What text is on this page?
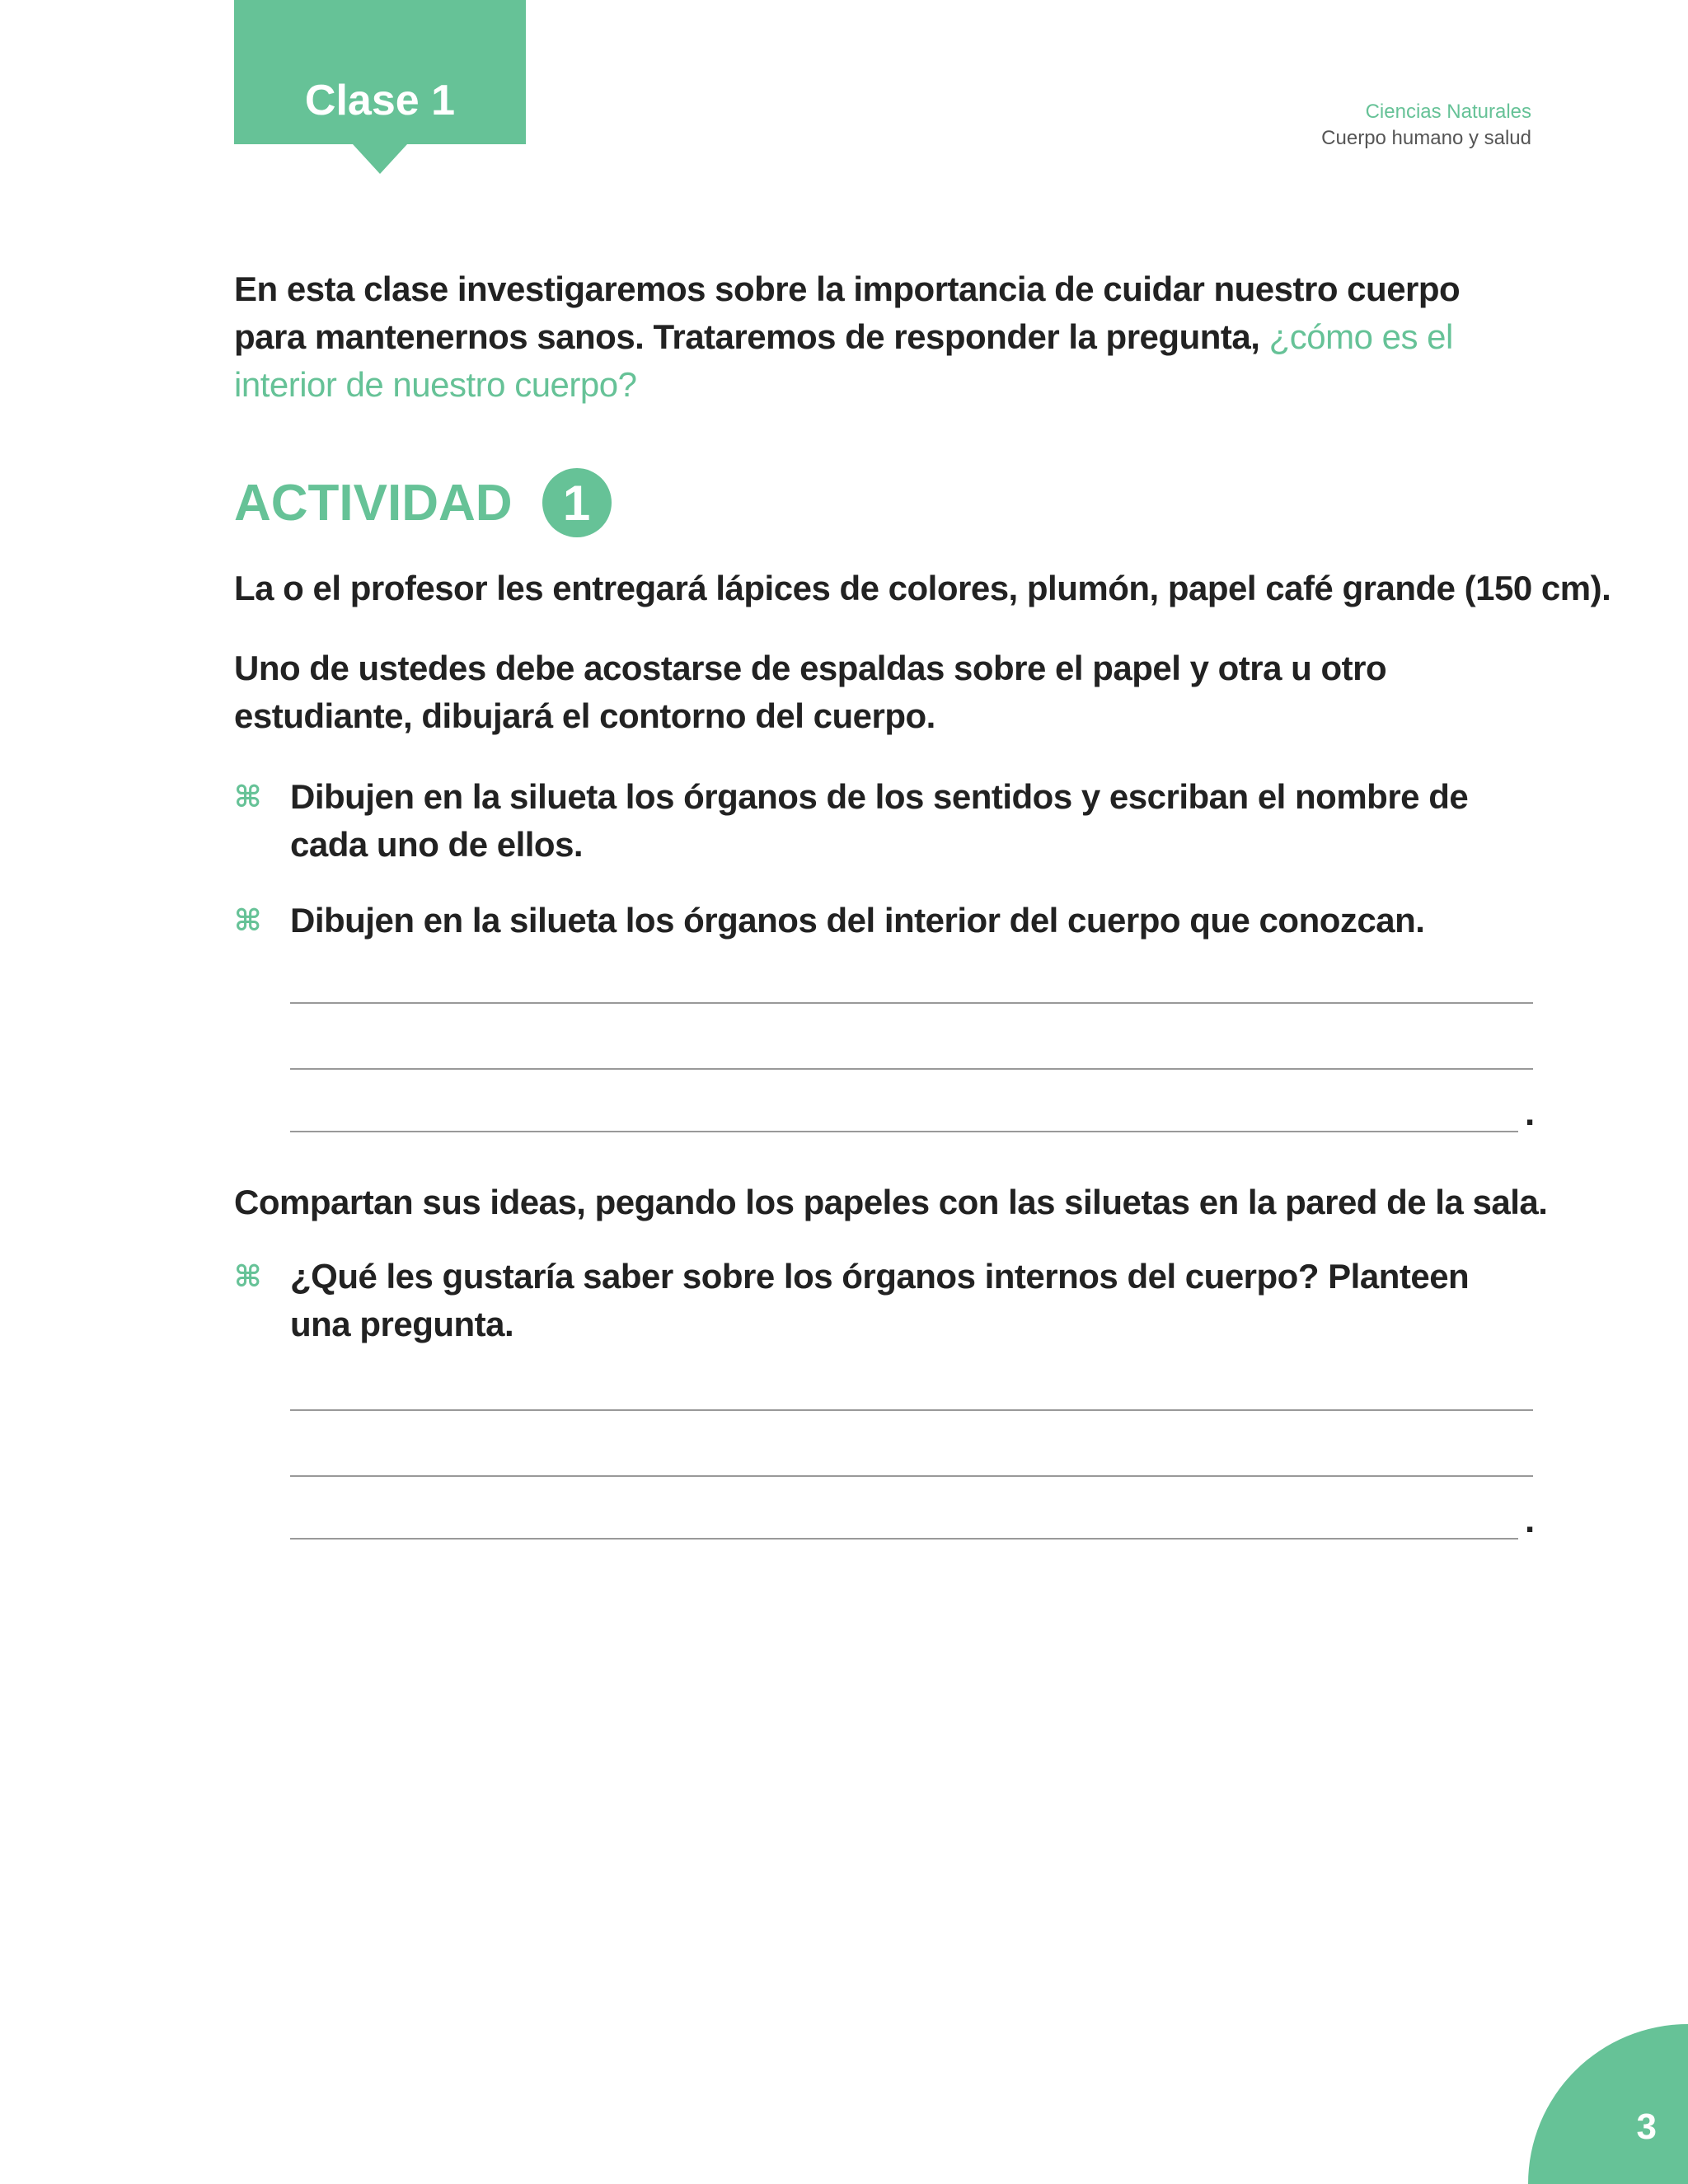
Clase 1	Ciencias Naturales
Cuerpo humano y salud
En esta clase investigaremos sobre la importancia de cuidar nuestro cuerpo para mantenernos sanos. Trataremos de responder la pregunta, ¿cómo es el interior de nuestro cuerpo?
ACTIVIDAD	1
La o el profesor les entregará lápices de colores, plumón, papel café grande (150 cm).
Uno de ustedes debe acostarse de espaldas sobre el papel y otra u otro estudiante, dibujará el contorno del cuerpo.
⌘ Dibujen en la silueta los órganos de los sentidos y escriban el nombre de cada uno de ellos.
⌘ Dibujen en la silueta los órganos del interior del cuerpo que conozcan.
.
Compartan sus ideas, pegando los papeles con las siluetas en la pared de la sala.
⌘ ¿Qué les gustaría saber sobre los órganos internos del cuerpo? Planteen una pregunta.
.
3
